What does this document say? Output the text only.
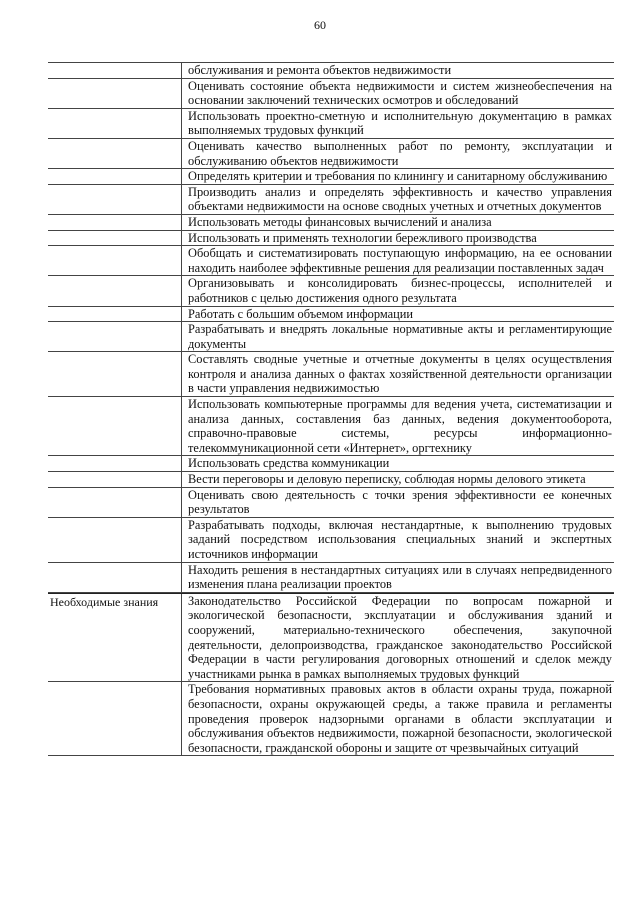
60
обслуживания и ремонта объектов недвижимости
Оценивать состояние объекта недвижимости и систем жизнеобеспечения на основании заключений технических осмотров и обследований
Использовать проектно-сметную и исполнительную документацию в рамках выполняемых трудовых функций
Оценивать качество выполненных работ по ремонту, эксплуатации и обслуживанию объектов недвижимости
Определять критерии и требования по клинингу и санитарному обслуживанию
Производить анализ и определять эффективность и качество управления объектами недвижимости на основе сводных учетных и отчетных документов
Использовать методы финансовых вычислений и анализа
Использовать и применять технологии бережливого производства
Обобщать и систематизировать поступающую информацию, на ее основании находить наиболее эффективные решения для реализации поставленных задач
Организовывать и консолидировать бизнес-процессы, исполнителей и работников с целью достижения одного результата
Работать с большим объемом информации
Разрабатывать и внедрять локальные нормативные акты и регламентирующие документы
Составлять сводные учетные и отчетные документы в целях осуществления контроля и анализа данных о фактах хозяйственной деятельности организации в части управления недвижимостью
Использовать компьютерные программы для ведения учета, систематизации и анализа данных, составления баз данных, ведения документооборота, справочно-правовые системы, ресурсы информационно-телекоммуникационной сети «Интернет», оргтехнику
Использовать средства коммуникации
Вести переговоры и деловую переписку, соблюдая нормы делового этикета
Оценивать свою деятельность с точки зрения эффективности ее конечных результатов
Разрабатывать подходы, включая нестандартные, к выполнению трудовых заданий посредством использования специальных знаний и экспертных источников информации
Находить решения в нестандартных ситуациях или в случаях непредвиденного изменения плана реализации проектов
Необходимые знания	Законодательство Российской Федерации по вопросам пожарной и экологической безопасности, эксплуатации и обслуживания зданий и сооружений, материально-технического обеспечения, закупочной деятельности, делопроизводства, гражданское законодательство Российской Федерации в части регулирования договорных отношений и сделок между участниками рынка в рамках выполняемых трудовых функций
Требования нормативных правовых актов в области охраны труда, пожарной безопасности, охраны окружающей среды, а также правила и регламенты проведения проверок надзорными органами в области эксплуатации и обслуживания объектов недвижимости, пожарной безопасности, экологической безопасности, гражданской обороны и защите от чрезвычайных ситуаций
